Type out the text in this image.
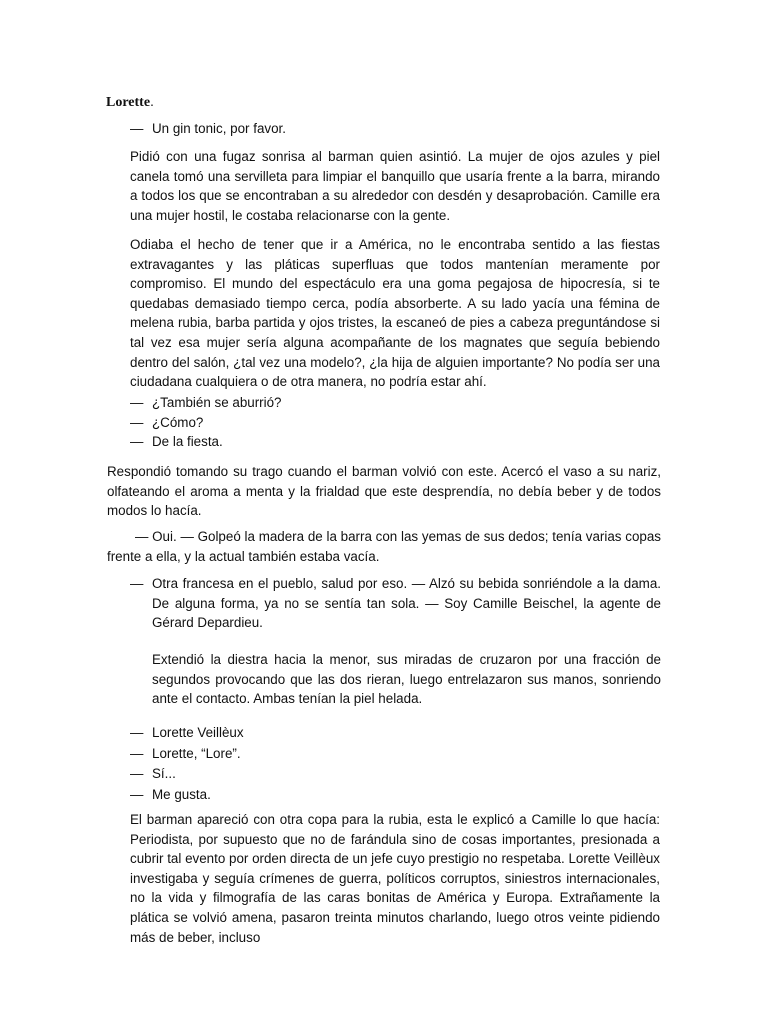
Lorette.
— Un gin tonic, por favor.

Pidió con una fugaz sonrisa al barman quien asintió. La mujer de ojos azules y piel canela tomó una servilleta para limpiar el banquillo que usaría frente a la barra, mirando a todos los que se encontraban a su alrededor con desdén y desaprobación. Camille era una mujer hostil, le costaba relacionarse con la gente.

Odiaba el hecho de tener que ir a América, no le encontraba sentido a las fiestas extravagantes y las pláticas superfluas que todos mantenían meramente por compromiso. El mundo del espectáculo era una goma pegajosa de hipocresía, si te quedabas demasiado tiempo cerca, podía absorberte. A su lado yacía una fémina de melena rubia, barba partida y ojos tristes, la escaneó de pies a cabeza preguntándose si tal vez esa mujer sería alguna acompañante de los magnates que seguía bebiendo dentro del salón, ¿tal vez una modelo?, ¿la hija de alguien importante? No podía ser una ciudadana cualquiera o de otra manera, no podría estar ahí.

— ¿También se aburrió?
— ¿Cómo?
— De la fiesta.

Respondió tomando su trago cuando el barman volvió con este. Acercó el vaso a su nariz, olfateando el aroma a menta y la frialdad que este desprendía, no debía beber y de todos modos lo hacía.

— Oui. — Golpeó la madera de la barra con las yemas de sus dedos; tenía varias copas frente a ella, y la actual también estaba vacía.

— Otra francesa en el pueblo, salud por eso. — Alzó su bebida sonriéndole a la dama. De alguna forma, ya no se sentía tan sola. — Soy Camille Beischel, la agente de Gérard Depardieu.

Extendió la diestra hacia la menor, sus miradas de cruzaron por una fracción de segundos provocando que las dos rieran, luego entrelazaron sus manos, sonriendo ante el contacto. Ambas tenían la piel helada.

— Lorette Veillèux
— Lorette, “Lore”.
— Sí...
— Me gusta.

El barman apareció con otra copa para la rubia, esta le explicó a Camille lo que hacía: Periodista, por supuesto que no de farándula sino de cosas importantes, presionada a cubrir tal evento por orden directa de un jefe cuyo prestigio no respetaba. Lorette Veillèux investigaba y seguía crímenes de guerra, políticos corruptos, siniestros internacionales, no la vida y filmografía de las caras bonitas de América y Europa. Extrañamente la plática se volvió amena, pasaron treinta minutos charlando, luego otros veinte pidiendo más de beber, incluso
